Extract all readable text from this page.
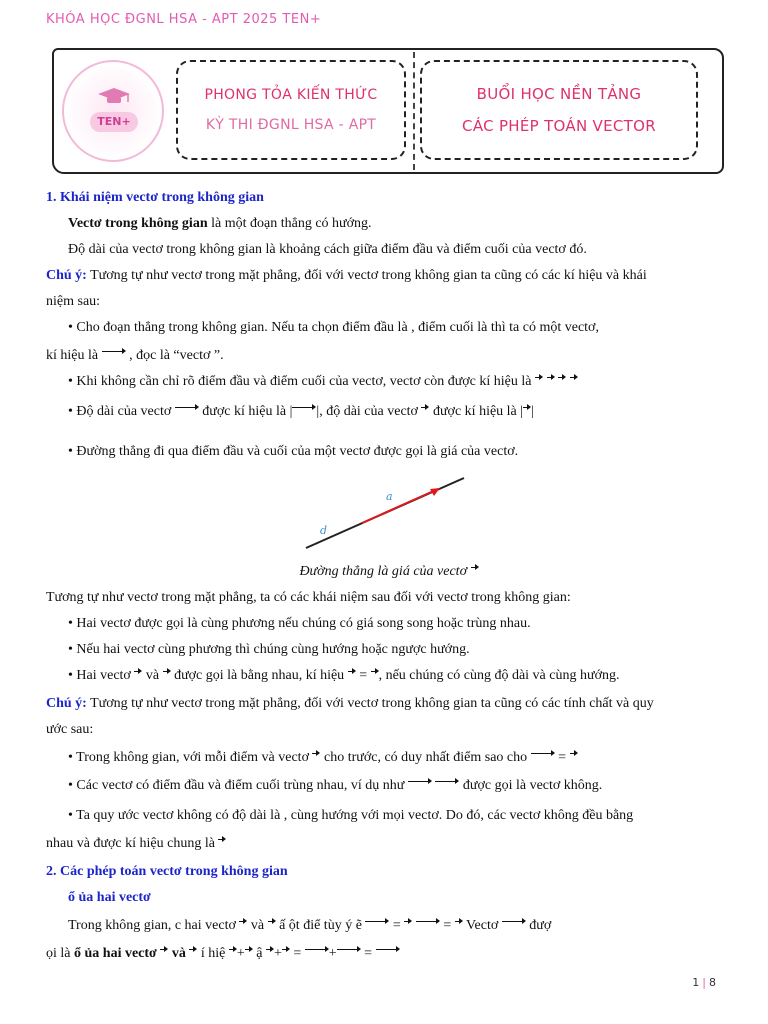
KHÓA HỌC ĐGNL HSA - APT 2025 TEN+
TEN+
PHONG TỎA KIẾN THỨC
KỲ THI ĐGNL HSA - APT
BUỔI HỌC NỀN TẢNG
CÁC PHÉP TOÁN VECTOR
1. Khái niệm vectơ trong không gian
Vectơ trong không gian là một đoạn thẳng có hướng.
Độ dài của vectơ trong không gian là khoảng cách giữa điểm đầu và điểm cuối của vectơ đó.
Chú ý: Tương tự như vectơ trong mặt phẳng, đối với vectơ trong không gian ta cũng có các kí hiệu và khái
niệm sau:
• Cho đoạn thẳng trong không gian. Nếu ta chọn điểm đầu là , điểm cuối là thì ta có một vectơ,
kí hiệu là  , đọc là “vectơ ”.
• Khi không cần chỉ rõ điểm đầu và điểm cuối của vectơ, vectơ còn được kí hiệu là
• Độ dài của vectơ  được kí hiệu là | |, độ dài của vectơ  được kí hiệu là | |
• Đường thẳng đi qua điểm đầu và cuối của một vectơ được gọi là giá của vectơ.
a
d
Đường thẳng là giá của vectơ
Tương tự như vectơ trong mặt phẳng, ta có các khái niệm sau đối với vectơ trong không gian:
• Hai vectơ được gọi là cùng phương nếu chúng có giá song song hoặc trùng nhau.
• Nếu hai vectơ cùng phương thì chúng cùng hướng hoặc ngược hướng.
• Hai vectơ  và  được gọi là bằng nhau, kí hiệu  = , nếu chúng có cùng độ dài và cùng hướng.
Chú ý: Tương tự như vectơ trong mặt phẳng, đối với vectơ trong không gian ta cũng có các tính chất và quy
ước sau:
• Trong không gian, với mỗi điểm và vectơ  cho trước, có duy nhất điểm sao cho  =
• Các vectơ có điểm đầu và điểm cuối trùng nhau, ví dụ như	được gọi là vectơ không.
• Ta quy ước vectơ không có độ dài là , cùng hướng với mọi vectơ. Do đó, các vectơ không đều bằng
nhau và được kí hiệu chung là
2. Các phép toán vectơ trong không gian
ổ ủa hai vectơ
Trong không gian, c hai vectơ  và  ấ ột điể tùy ý ẽ  =	=  Vectơ  đượ
ọi là ổ ủa hai vectơ  và  í hiệ + ậ + = + =
1 | 8
